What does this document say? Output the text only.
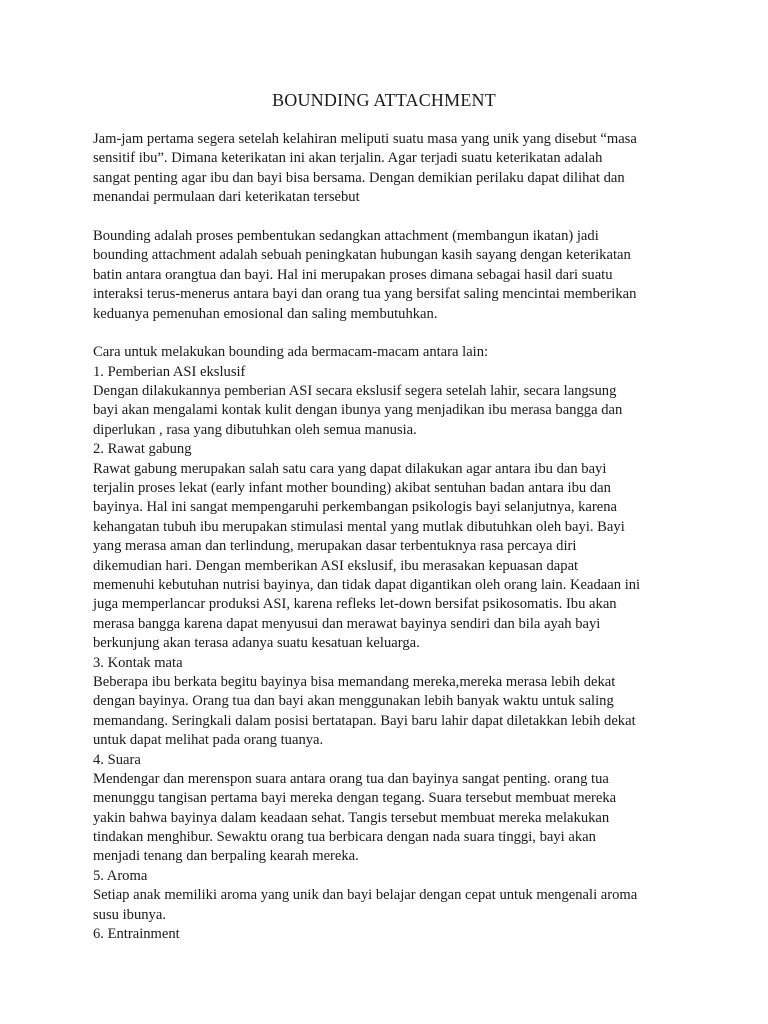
BOUNDING ATTACHMENT
Jam-jam pertama segera setelah kelahiran meliputi suatu masa yang unik yang disebut “masa
sensitif ibu”. Dimana keterikatan ini akan terjalin. Agar terjadi suatu keterikatan adalah
sangat penting agar ibu dan bayi bisa bersama. Dengan demikian perilaku dapat dilihat dan
menandai permulaan dari keterikatan tersebut
Bounding adalah proses pembentukan sedangkan attachment (membangun ikatan) jadi
bounding attachment adalah sebuah peningkatan hubungan kasih sayang dengan keterikatan
batin antara orangtua dan bayi. Hal ini merupakan proses dimana sebagai hasil dari suatu
interaksi terus-menerus antara bayi dan orang tua yang bersifat saling mencintai memberikan
keduanya pemenuhan emosional dan saling membutuhkan.
Cara untuk melakukan bounding ada bermacam-macam antara lain:
1. Pemberian ASI ekslusif
Dengan dilakukannya pemberian ASI secara ekslusif segera setelah lahir, secara langsung
bayi akan mengalami kontak kulit dengan ibunya yang menjadikan ibu merasa bangga dan
diperlukan , rasa yang dibutuhkan oleh semua manusia.
2. Rawat gabung
Rawat gabung merupakan salah satu cara yang dapat dilakukan agar antara ibu dan bayi
terjalin proses lekat (early infant mother bounding) akibat sentuhan badan antara ibu dan
bayinya. Hal ini sangat mempengaruhi perkembangan psikologis bayi selanjutnya, karena
kehangatan tubuh ibu merupakan stimulasi mental yang mutlak dibutuhkan oleh bayi. Bayi
yang merasa aman dan terlindung, merupakan dasar terbentuknya rasa percaya diri
dikemudian hari. Dengan memberikan ASI ekslusif, ibu merasakan kepuasan dapat
memenuhi kebutuhan nutrisi bayinya, dan tidak dapat digantikan oleh orang lain. Keadaan ini
juga memperlancar produksi ASI, karena refleks let-down bersifat psikosomatis. Ibu akan
merasa bangga karena dapat menyusui dan merawat bayinya sendiri dan bila ayah bayi
berkunjung akan terasa adanya suatu kesatuan keluarga.
3. Kontak mata
Beberapa ibu berkata begitu bayinya bisa memandang mereka,mereka merasa lebih dekat
dengan bayinya. Orang tua dan bayi akan menggunakan lebih banyak waktu untuk saling
memandang. Seringkali dalam posisi bertatapan. Bayi baru lahir dapat diletakkan lebih dekat
untuk dapat melihat pada orang tuanya.
4. Suara
Mendengar dan merenspon suara antara orang tua dan bayinya sangat penting. orang tua
menunggu tangisan pertama bayi mereka dengan tegang. Suara tersebut membuat mereka
yakin bahwa bayinya dalam keadaan sehat. Tangis tersebut membuat mereka melakukan
tindakan menghibur. Sewaktu orang tua berbicara dengan nada suara tinggi, bayi akan
menjadi tenang dan berpaling kearah mereka.
5. Aroma
Setiap anak memiliki aroma yang unik dan bayi belajar dengan cepat untuk mengenali aroma
susu ibunya.
6. Entrainment
